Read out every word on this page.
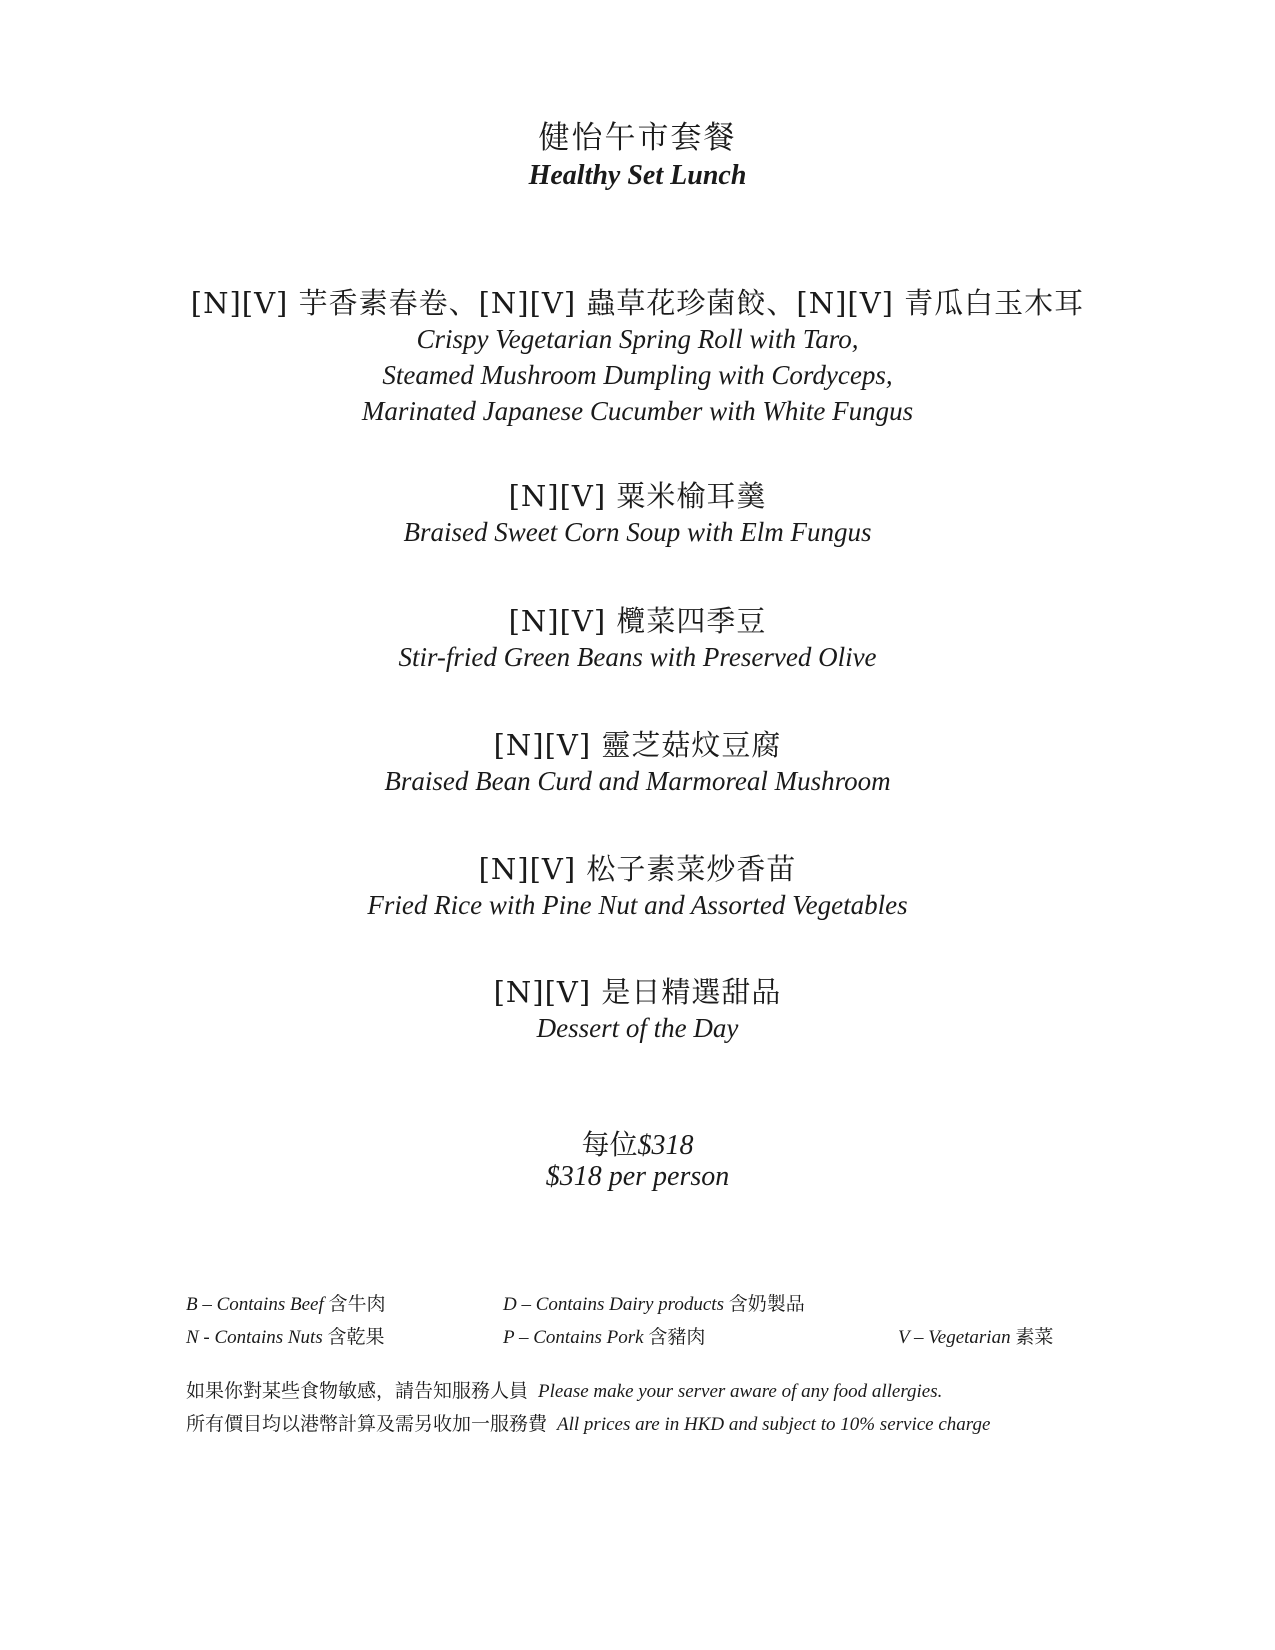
健怡午市套餐
Healthy Set Lunch
[N][V] 芋香素春卷、[N][V] 蟲草花珍菌餃、[N][V] 青瓜白玉木耳
Crispy Vegetarian Spring Roll with Taro,
Steamed Mushroom Dumpling with Cordyceps,
Marinated Japanese Cucumber with White Fungus
[N][V] 粟米榆耳羹
Braised Sweet Corn Soup with Elm Fungus
[N][V] 欖菜四季豆
Stir-fried Green Beans with Preserved Olive
[N][V] 靈芝菇炆豆腐
Braised Bean Curd and Marmoreal Mushroom
[N][V] 松子素菜炒香苗
Fried Rice with Pine Nut and Assorted Vegetables
[N][V] 是日精選甜品
Dessert of the Day
每位$318
$318 per person
B – Contains Beef 含牛肉	D – Contains Dairy products 含奶製品
N - Contains Nuts 含乾果	P – Contains Pork 含豬肉	V – Vegetarian 素菜
如果你對某些食物敏感，請告知服務人員 Please make your server aware of any food allergies.
所有價目均以港幣計算及需另收加一服務費 All prices are in HKD and subject to 10% service charge
